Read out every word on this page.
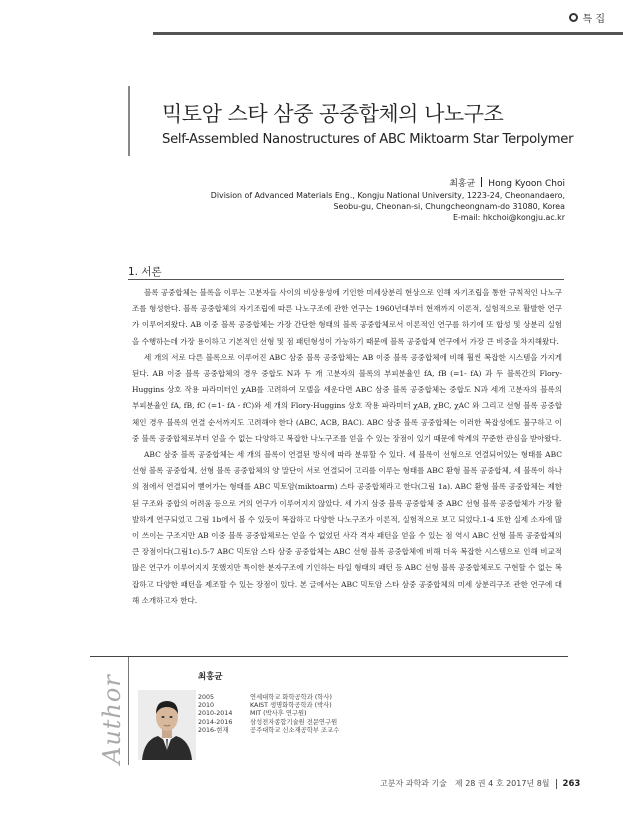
특 집
믹토암 스타 삼중 공중합체의 나노구조
Self-Assembled Nanostructures of ABC Miktoarm Star Terpolymer
최홍균 Hong Kyoon Choi
Division of Advanced Materials Eng., Kongju National University, 1223-24, Cheonandaero,
Seobu-gu, Cheonan-si, Chungcheongnam-do 31080, Korea
E-mail: hkchoi@kongju.ac.kr
1. 서론

블록 공중합체는 블록을 이루는 고분자들 사이의 비상용성에 기인한 미세상분리 현상으로 인해 자기조립을 통한 규칙적인 나노구조를 형성한다. 블록 공중합체의 자기조립에 따른 나노구조에 관한 연구는 1960년대부터 현재까지 이론적, 실험적으로 활발한 연구가 이루어져왔다. AB 이중 블록 공중합체는 가장 간단한 형태의 블록 공중합체로서 이론적인 연구를 하기에 또 합성 및 상분리 실험을 수행하는데 가장 용이하고 기본적인 선형 및 점 패턴형성이 가능하기 때문에 블록 공중합체 연구에서 가장 큰 비중을 차지해왔다.

세 개의 서로 다른 블록으로 이루어진 ABC 삼중 블록 공중합체는 AB 이중 블록 공중합체에 비해 훨씬 복잡한 시스템을 가지게 된다. AB 이중 블록 공중합체의 경우 중합도 N과 두 개 고분자의 블록의 부피분율인 fA, fB (=1- fA) 과 두 블록간의 Flory-Huggins 상호 작용 파라미터인 χAB를 고려하여 모델을 세운다면 ABC 삼중 블록 공중합체는 중합도 N과 세개 고분자의 블록의 부피분율인 fA, fB, fC (=1- fA - fC)와 세 개의 Flory-Huggins 상호 작용 파라미터 χAB, χBC, χAC 와 그리고 선형 블록 공중합체인 경우 블록의 연결 순서까지도 고려해야 한다 (ABC, ACB, BAC). ABC 삼중 블록 공중합체는 이러한 복잡성에도 불구하고 이중 블록 공중합체로부터 얻을 수 없는 다양하고 복잡한 나노구조를 얻을 수 있는 장점이 있기 때문에 학계의 꾸준한 관심을 받아왔다.

ABC 삼중 블록 공중합체는 세 개의 블록이 연결된 방식에 따라 분류할 수 있다. 세 블록이 선형으로 연결되어있는 형태를 ABC 선형 블록 공중합체, 선형 블록 공중합체의 양 말단이 서로 연결되어 고리를 이루는 형태를 ABC 환형 블록 공중합체, 세 블록이 하나의 점에서 연결되어 뻗어가는 형태를 ABC 믹토암(miktoarm) 스타 공중합체라고 한다(그림 1a). ABC 환형 블록 공중합체는 제한된 구조와 중합의 어려움 등으로 거의 연구가 이루어지지 않았다. 세 가지 삼중 블록 공중합체 중 ABC 선형 블록 공중합체가 가장 활발하게 연구되었고 그림 1b에서 볼 수 있듯이 복잡하고 다양한 나노구조가 이론적, 실험적으로 보고 되었다.1-4 또한 실제 소자에 많이 쓰이는 구조지만 AB 이중 블록 공중합체로는 얻을 수 없었던 사각 격자 패턴을 얻을 수 있는 점 역시 ABC 선형 블록 공중합체의 큰 장점이다(그림1c).5-7 ABC 믹토암 스타 삼중 공중합체는 ABC 선형 블록 공중합체에 비해 더욱 복잡한 시스템으로 인해 비교적 많은 연구가 이루어지지 못했지만 특이한 분자구조에 기인하는 타일 형태의 패턴 등 ABC 선형 블록 공중합체로도 구현할 수 없는 복잡하고 다양한 패턴을 제조할 수 있는 장점이 있다. 본 글에서는 ABC 믹토암 스타 삼중 공중합체의 미세 상분리구조 관한 연구에 대해 소개하고자 한다.

Author	최홍균
2005	연세대학교 화학공학과 (학사)
2010	KAIST 생명화학공학과 (박사)
2010-2014	MIT (박사후 연구원)
2014-2016	삼성전자종합기술원 전문연구원
2016-현재	공주대학교 신소재공학부 조교수
고분자 과학과 기술 제 28 권 4 호 2017년 8월 263
